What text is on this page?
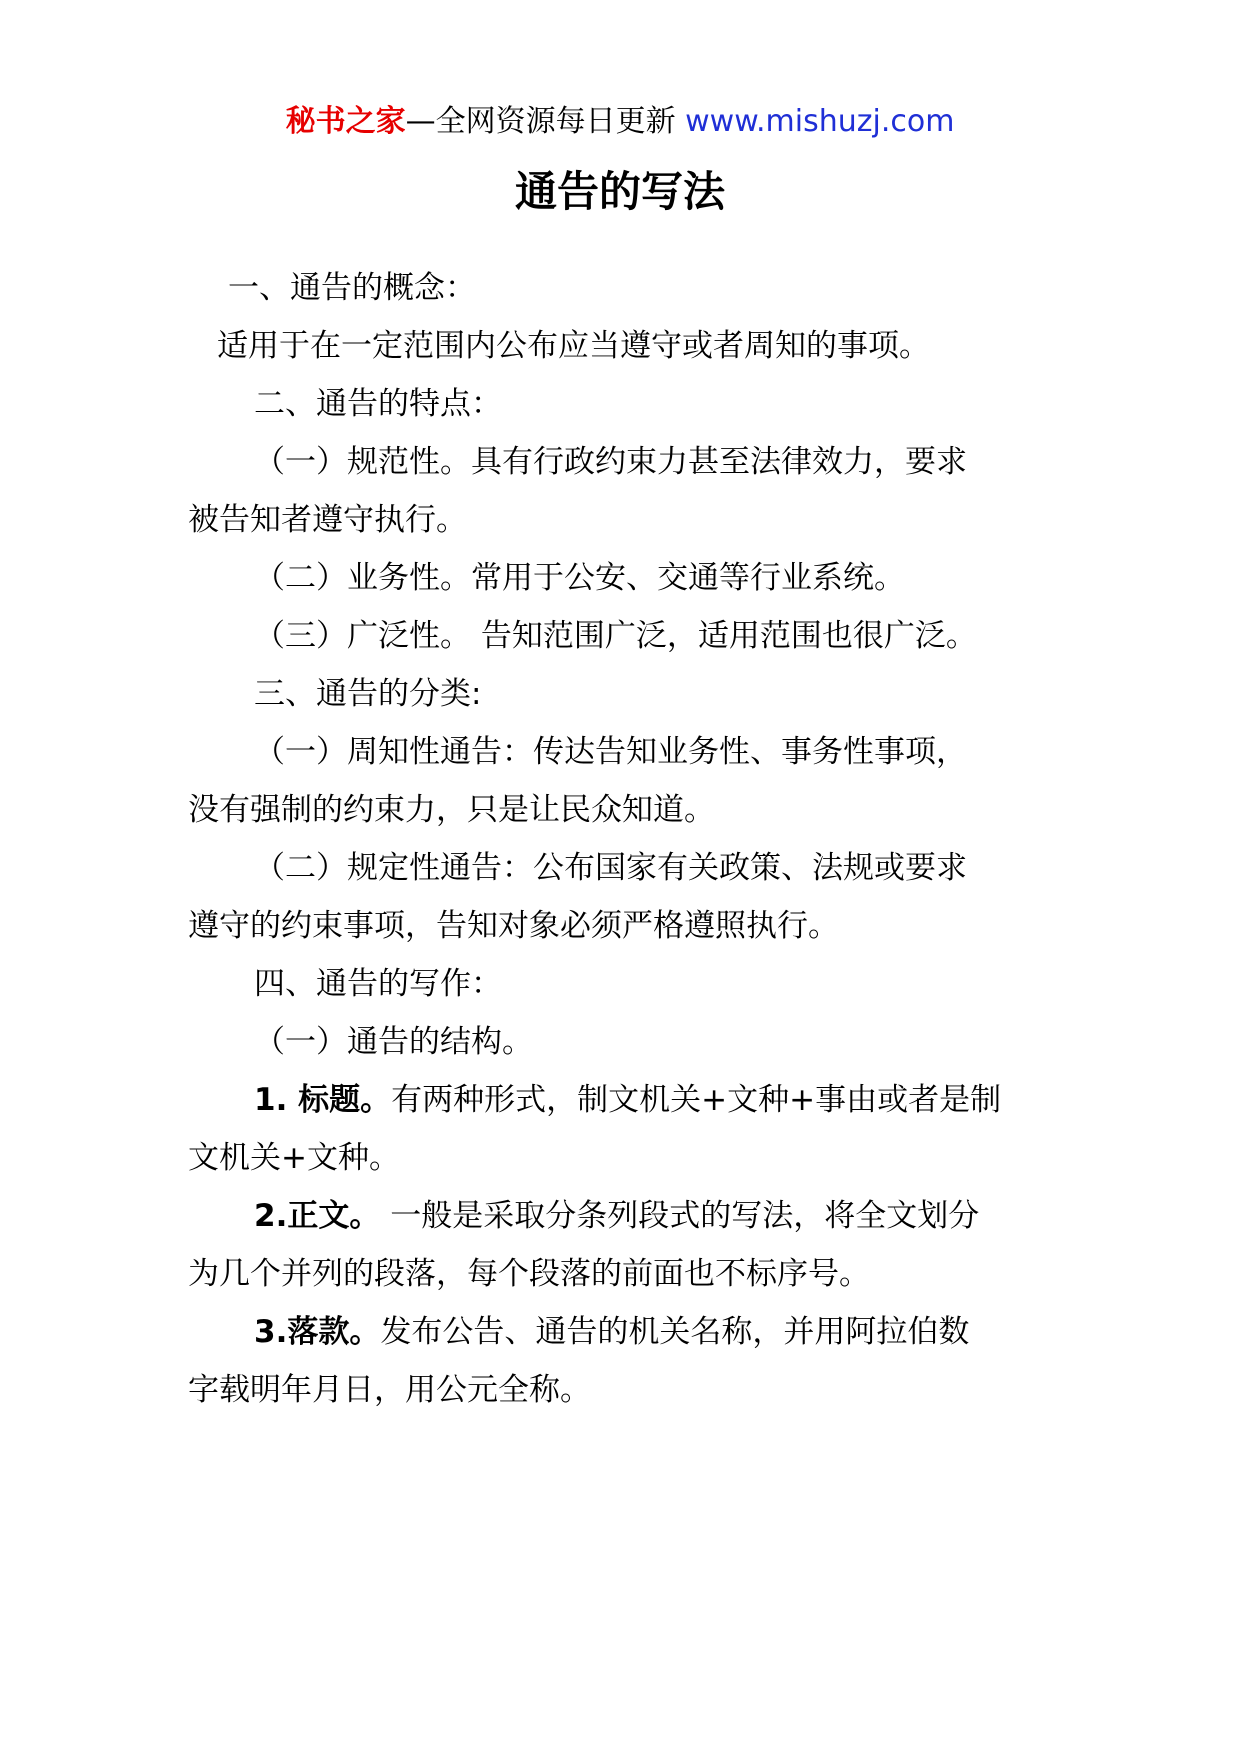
秘书之家—全网资源每日更新 www.mishuzj.com
通告的写法
一、通告的概念：
适用于在一定范围内公布应当遵守或者周知的事项。
二、通告的特点：
（一）规范性。具有行政约束力甚至法律效力，要求
被告知者遵守执行。
（二）业务性。常用于公安、交通等行业系统。
（三）广泛性。 告知范围广泛，适用范围也很广泛。
三、通告的分类:
（一）周知性通告：传达告知业务性、事务性事项，
没有强制的约束力，只是让民众知道。
（二）规定性通告：公布国家有关政策、法规或要求
遵守的约束事项，告知对象必须严格遵照执行。
四、通告的写作：
（一）通告的结构。
1. 标题。有两种形式，制文机关+文种+事由或者是制
文机关+文种。
2.正文。 一般是采取分条列段式的写法，将全文划分
为几个并列的段落，每个段落的前面也不标序号。
3.落款。发布公告、通告的机关名称，并用阿拉伯数
字载明年月日，用公元全称。
